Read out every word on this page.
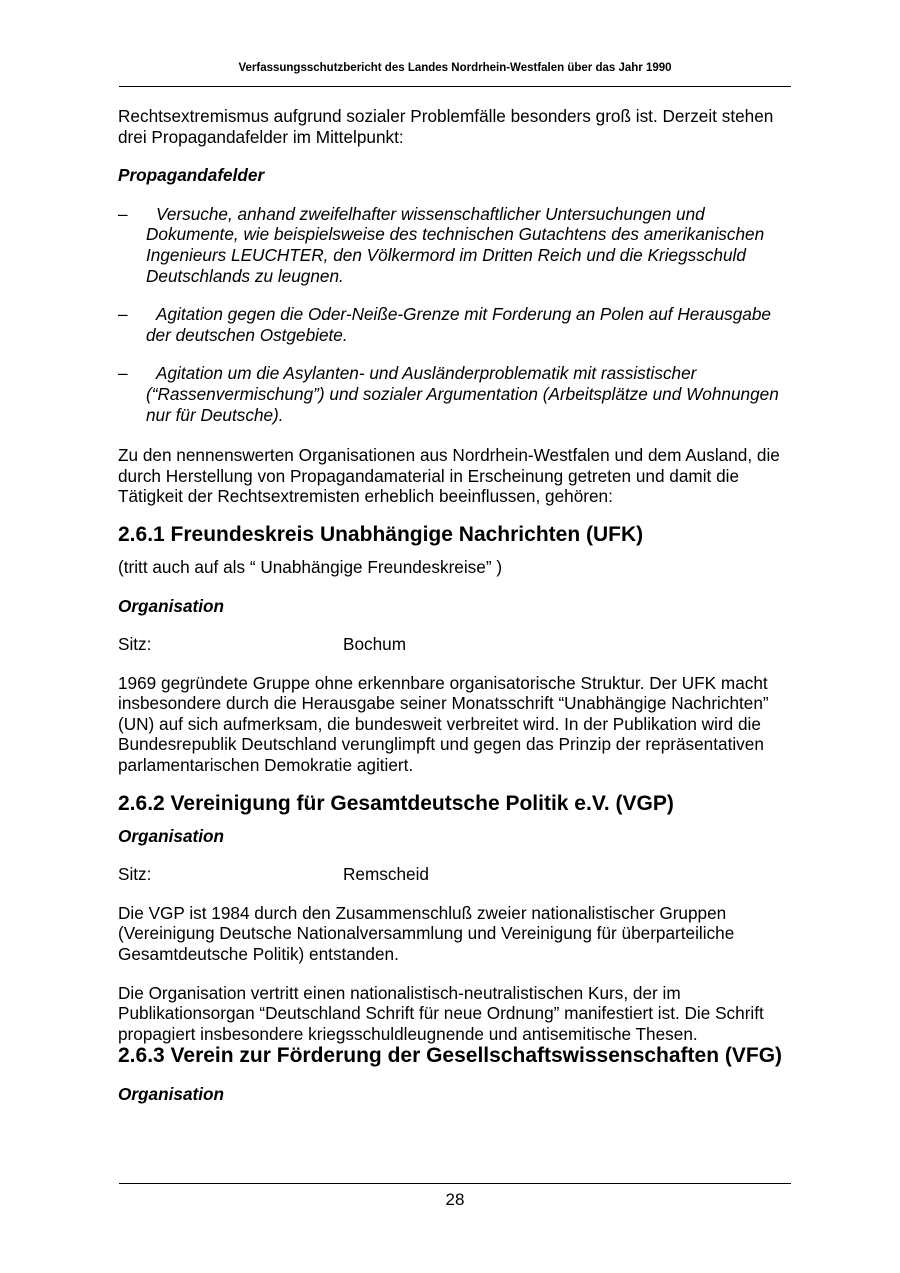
Verfassungsschutzbericht des Landes Nordrhein-Westfalen über das Jahr 1990

Rechtsextremismus aufgrund sozialer Problemfälle besonders groß ist. Derzeit stehen drei Propagandafelder im Mittelpunkt:

Propagandafelder

–	Versuche, anhand zweifelhafter wissenschaftlicher Untersuchungen und Dokumente, wie beispielsweise des technischen Gutachtens des amerikanischen Ingenieurs LEUCHTER, den Völkermord im Dritten Reich und die Kriegsschuld Deutschlands zu leugnen.
–	Agitation gegen die Oder-Neiße-Grenze mit Forderung an Polen auf Herausgabe der deutschen Ostgebiete.
–	Agitation um die Asylanten- und Ausländerproblematik mit rassistischer (“Rassenvermischung”) und sozialer Argumentation (Arbeitsplätze und Wohnungen nur für Deutsche).

Zu den nennenswerten Organisationen aus Nordrhein-Westfalen und dem Ausland, die durch Herstellung von Propagandamaterial in Erscheinung getreten und damit die Tätigkeit der Rechtsextremisten erheblich beeinflussen, gehören:

2.6.1 Freundeskreis Unabhängige Nachrichten (UFK)

(tritt auch auf als “ Unabhängige Freundeskreise” )

Organisation

Sitz:	Bochum

1969 gegründete Gruppe ohne erkennbare organisatorische Struktur. Der UFK macht insbesondere durch die Herausgabe seiner Monatsschrift “Unabhängige Nachrichten” (UN) auf sich aufmerksam, die bundesweit verbreitet wird. In der Publikation wird die Bundesrepublik Deutschland verunglimpft und gegen das Prinzip der repräsentativen parlamentarischen Demokratie agitiert.

2.6.2 Vereinigung für Gesamtdeutsche Politik e.V. (VGP)

Organisation

Sitz:	Remscheid

Die VGP ist 1984 durch den Zusammenschluß zweier nationalistischer Gruppen (Vereinigung Deutsche Nationalversammlung und Vereinigung für überparteiliche Gesamtdeutsche Politik) entstanden.

Die Organisation vertritt einen nationalistisch-neutralistischen Kurs, der im Publikationsorgan “Deutschland Schrift für neue Ordnung” manifestiert ist. Die Schrift propagiert insbesondere kriegsschuldleugnende und antisemitische Thesen.

2.6.3 Verein zur Förderung der Gesellschaftswissenschaften (VFG)

Organisation

28
